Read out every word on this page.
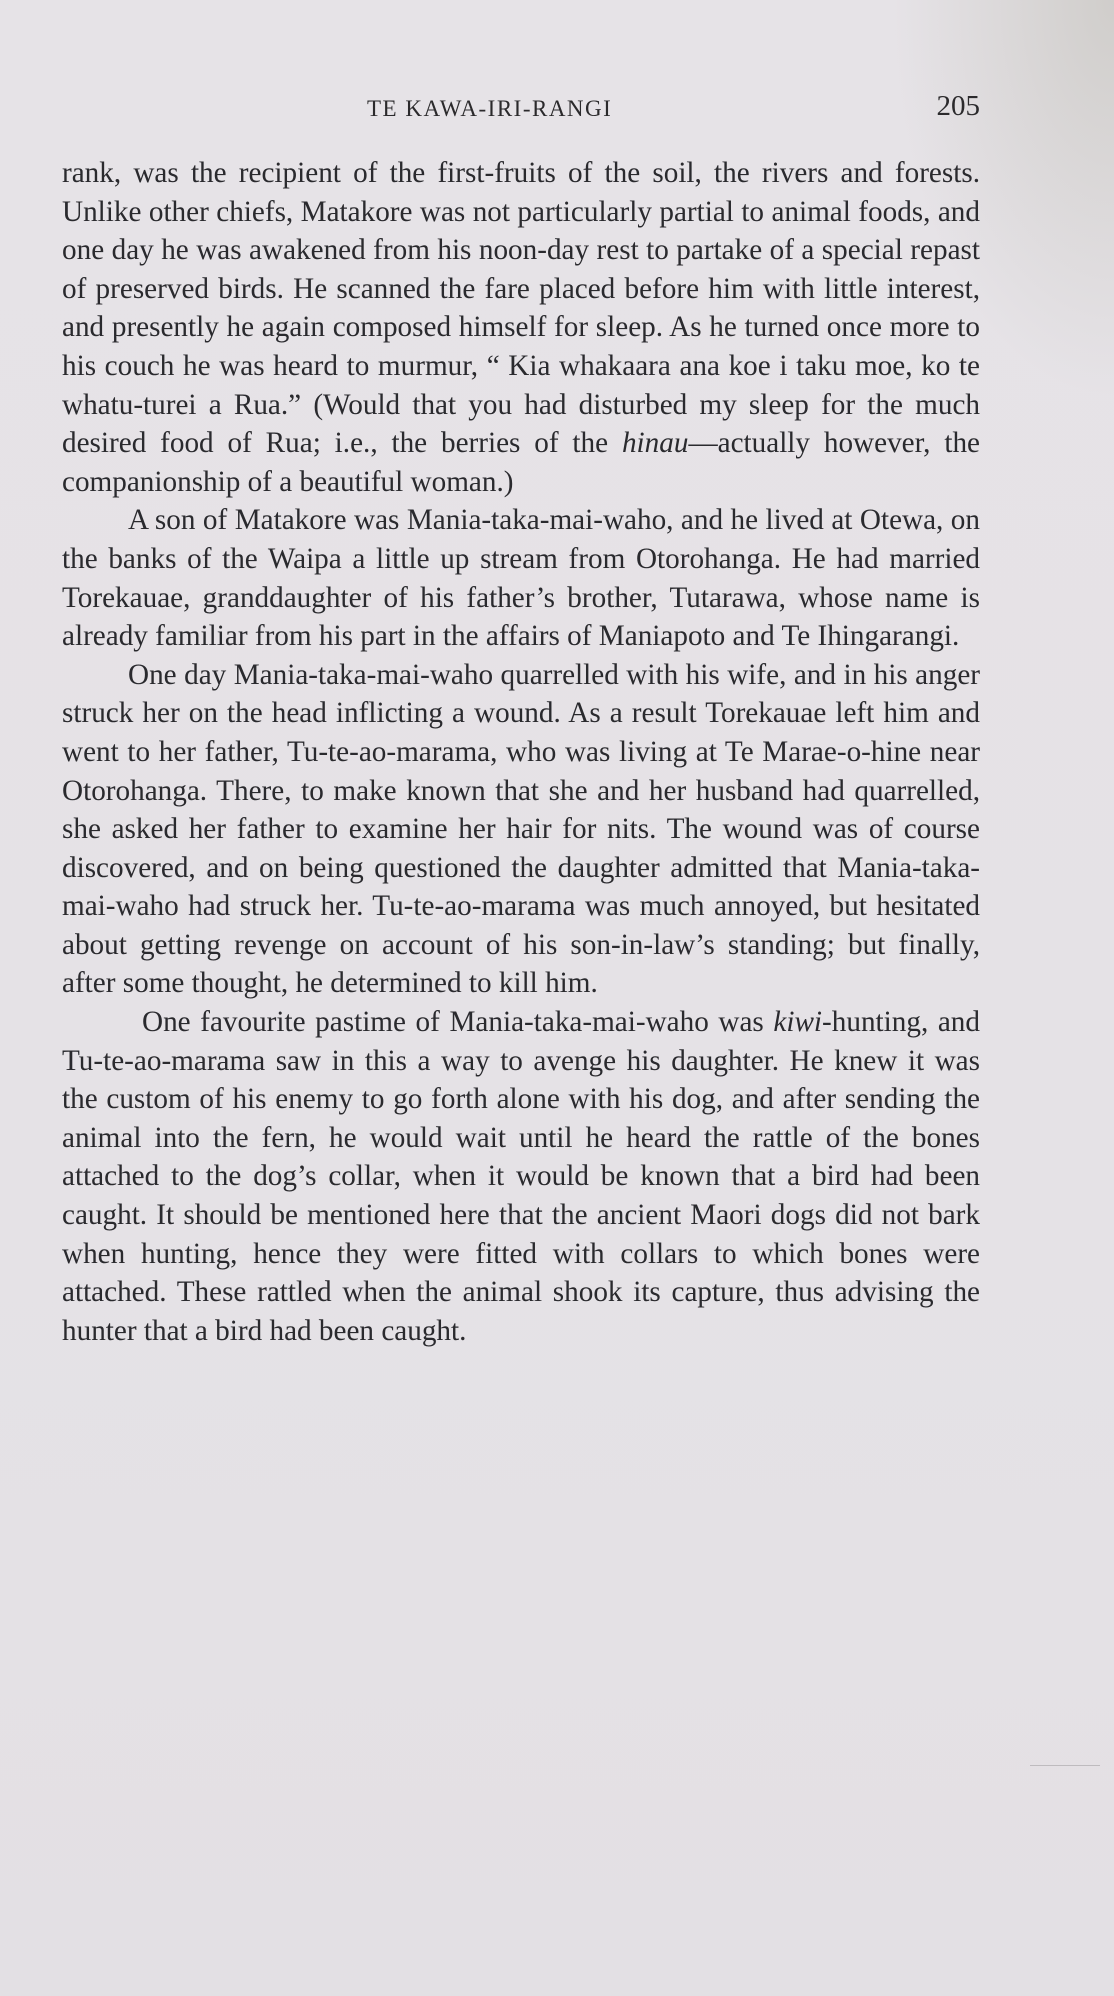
TE KAWA-IRI-RANGI	205

rank, was the recipient of the first-fruits of the soil, the rivers and forests. Unlike other chiefs, Matakore was not particularly partial to animal foods, and one day he was awakened from his noon-day rest to partake of a special repast of preserved birds. He scanned the fare placed before him with little interest, and presently he again composed himself for sleep. As he turned once more to his couch he was heard to murmur, “ Kia whakaara ana koe i taku moe, ko te whatu-turei a Rua.” (Would that you had disturbed my sleep for the much desired food of Rua; i.e., the berries of the hinau—actually however, the companionship of a beautiful woman.)

A son of Matakore was Mania-taka-mai-waho, and he lived at Otewa, on the banks of the Waipa a little up stream from Otorohanga. He had married Torekauae, granddaughter of his father’s brother, Tutarawa, whose name is already familiar from his part in the affairs of Maniapoto and Te Ihingarangi.

One day Mania-taka-mai-waho quarrelled with his wife, and in his anger struck her on the head inflicting a wound. As a result Torekauae left him and went to her father, Tu-te-ao-marama, who was living at Te Marae-o-hine near Otorohanga. There, to make known that she and her husband had quarrelled, she asked her father to examine her hair for nits. The wound was of course discovered, and on being questioned the daughter admitted that Mania-taka-mai-waho had struck her. Tu-te-ao-marama was much annoyed, but hesitated about getting revenge on account of his son-in-law’s standing; but finally, after some thought, he determined to kill him.

One favourite pastime of Mania-taka-mai-waho was kiwi-hunting, and Tu-te-ao-marama saw in this a way to avenge his daughter. He knew it was the custom of his enemy to go forth alone with his dog, and after sending the animal into the fern, he would wait until he heard the rattle of the bones attached to the dog’s collar, when it would be known that a bird had been caught. It should be mentioned here that the ancient Maori dogs did not bark when hunting, hence they were fitted with collars to which bones were attached. These rattled when the animal shook its capture, thus advising the hunter that a bird had been caught.
